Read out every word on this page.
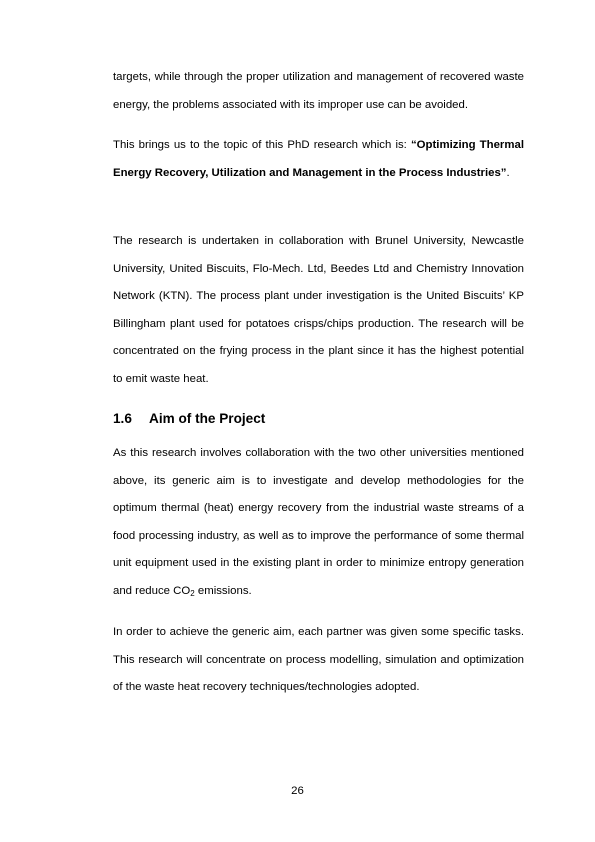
targets, while through the proper utilization and management of recovered waste energy, the problems associated with its improper use can be avoided.

This brings us to the topic of this PhD research which is: “Optimizing Thermal Energy Recovery, Utilization and Management in the Process Industries”.

The research is undertaken in collaboration with Brunel University, Newcastle University, United Biscuits, Flo-Mech. Ltd, Beedes Ltd and Chemistry Innovation Network (KTN). The process plant under investigation is the United Biscuits’ KP Billingham plant used for potatoes crisps/chips production. The research will be concentrated on the frying process in the plant since it has the highest potential to emit waste heat.

1.6 Aim of the Project

As this research involves collaboration with the two other universities mentioned above, its generic aim is to investigate and develop methodologies for the optimum thermal (heat) energy recovery from the industrial waste streams of a food processing industry, as well as to improve the performance of some thermal unit equipment used in the existing plant in order to minimize entropy generation and reduce $CO_2$ emissions.

In order to achieve the generic aim, each partner was given some specific tasks. This research will concentrate on process modelling, simulation and optimization of the waste heat recovery techniques/technologies adopted.

26
